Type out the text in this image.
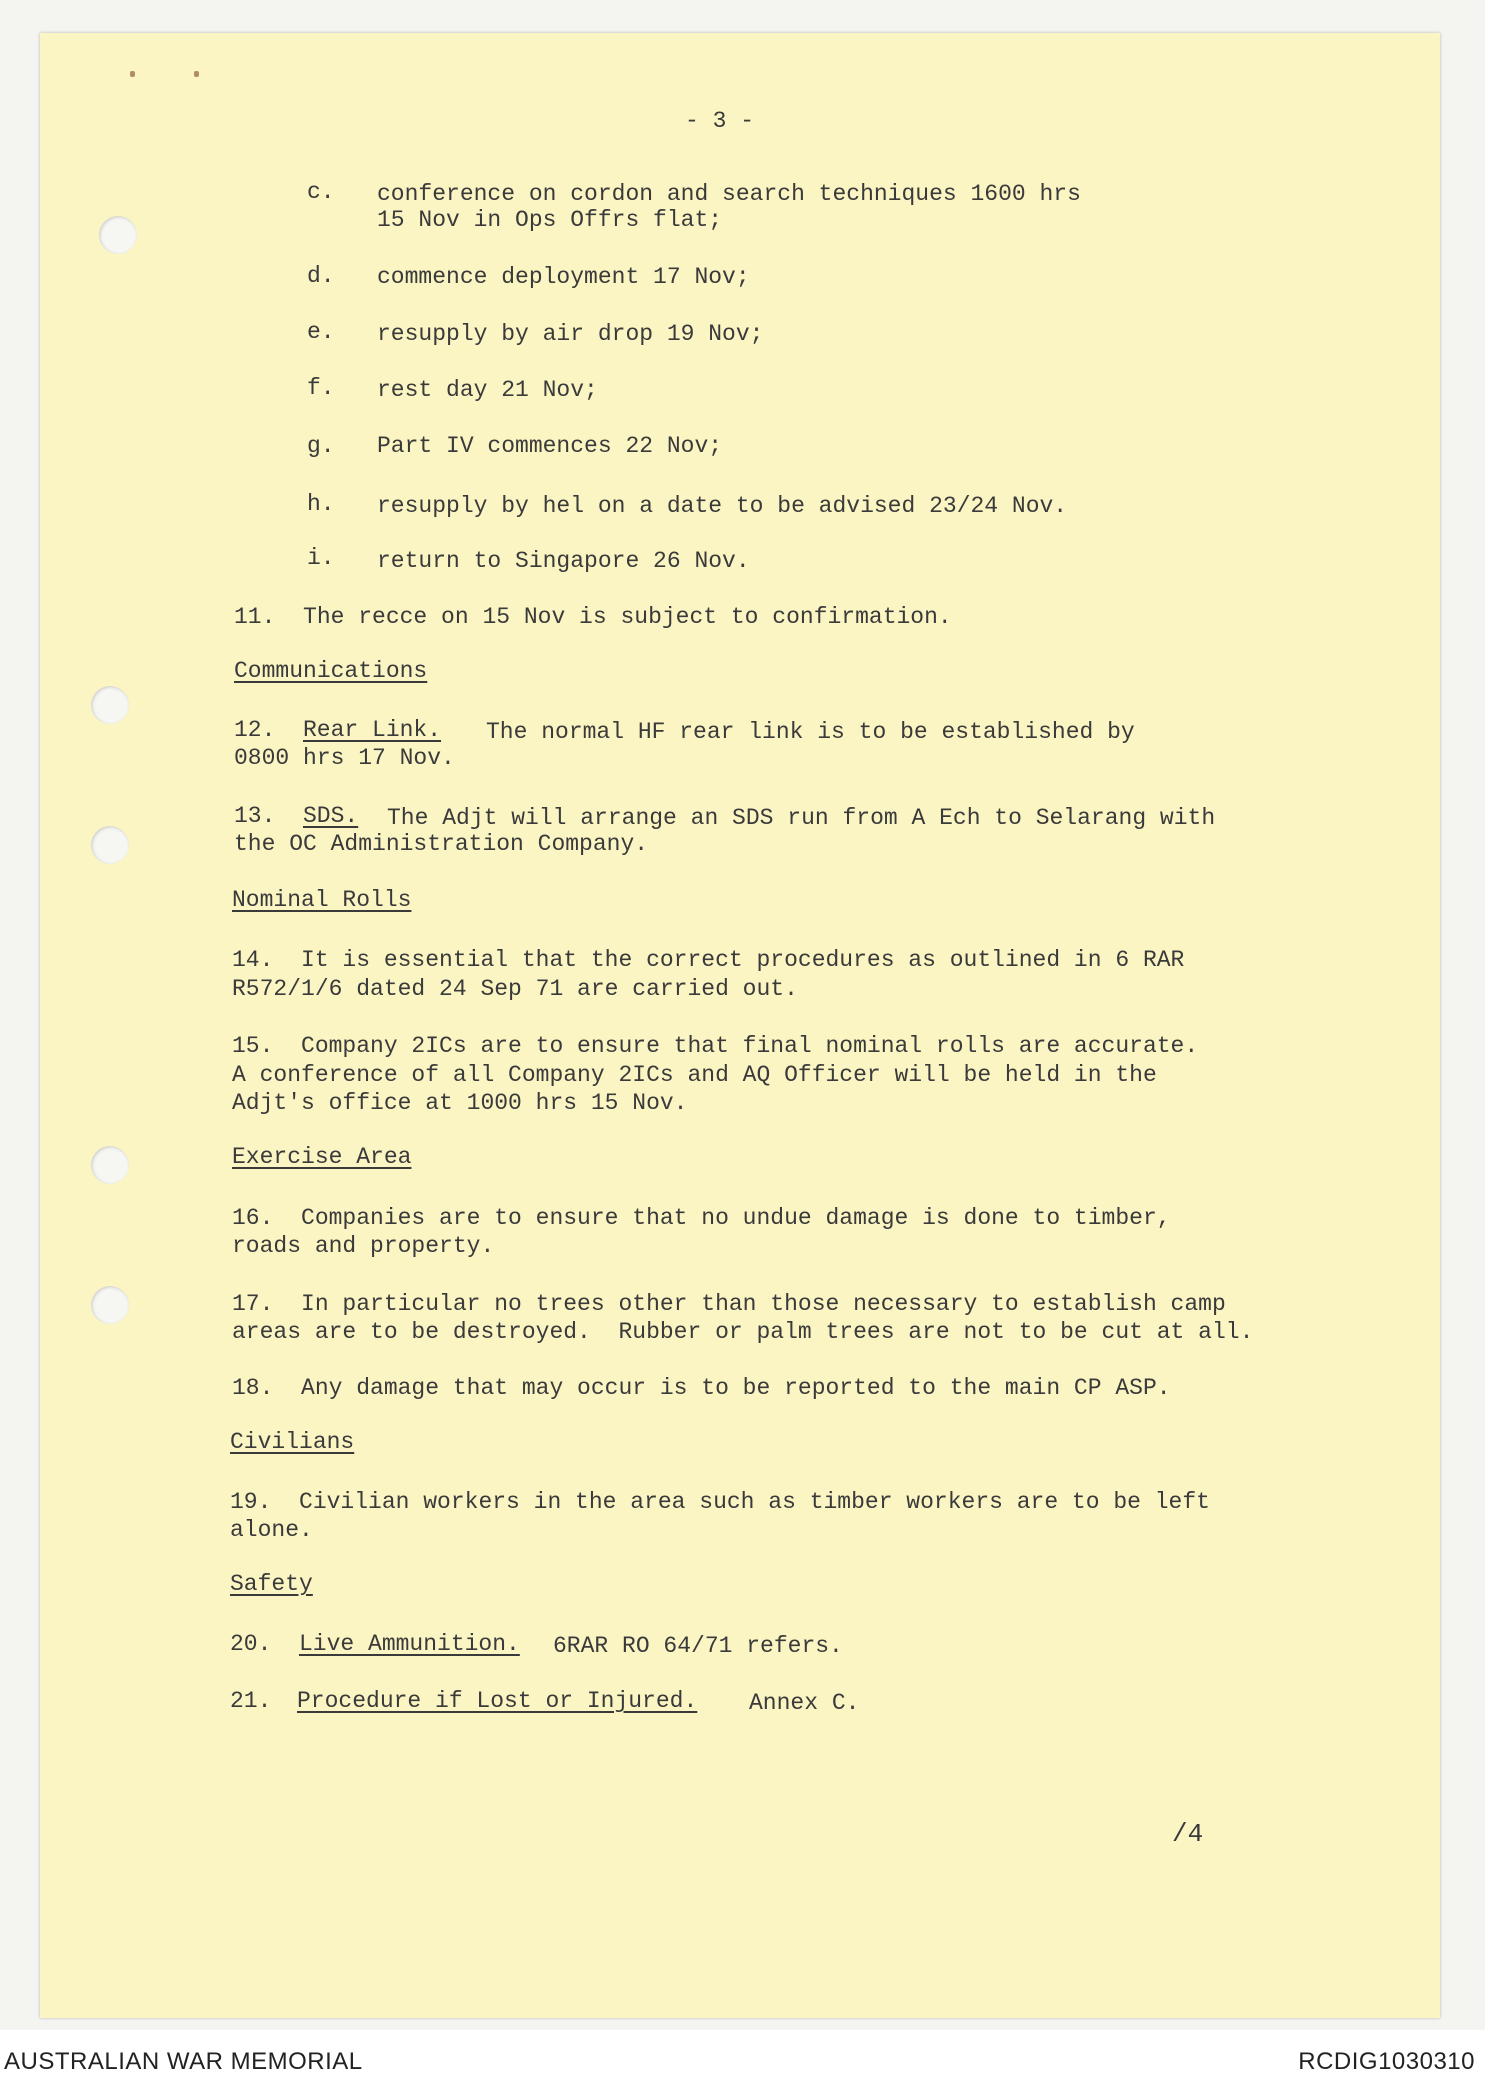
- 3 -

c. conference on cordon and search techniques 1600 hrs

15 Nov in Ops Offrs flat;

d. commence deployment 17 Nov;

e. resupply by air drop 19 Nov;

f. rest day 21 Nov;

g. Part IV commences 22 Nov;

h. resupply by hel on a date to be advised 23/24 Nov.

i. return to Singapore 26 Nov.

11.  The recce on 15 Nov is subject to confirmation.

Communications

12. Rear Link. The normal HF rear link is to be established by

0800 hrs 17 Nov.

13. SDS. The Adjt will arrange an SDS run from A Ech to Selarang with

the OC Administration Company.

Nominal Rolls

14.  It is essential that the correct procedures as outlined in 6 RAR

R572/1/6 dated 24 Sep 71 are carried out.

15.  Company 2ICs are to ensure that final nominal rolls are accurate.

A conference of all Company 2ICs and AQ Officer will be held in the

Adjt's office at 1000 hrs 15 Nov.

Exercise Area

16.  Companies are to ensure that no undue damage is done to timber,

roads and property.

17.  In particular no trees other than those necessary to establish camp

areas are to be destroyed.  Rubber or palm trees are not to be cut at all.

18.  Any damage that may occur is to be reported to the main CP ASP.

Civilians

19.  Civilian workers in the area such as timber workers are to be left

alone.

Safety

20. Live Ammunition. 6RAR RO 64/71 refers.

21. Procedure if Lost or Injured. Annex C.

/4

AUSTRALIAN WAR MEMORIAL	RCDIG1030310
